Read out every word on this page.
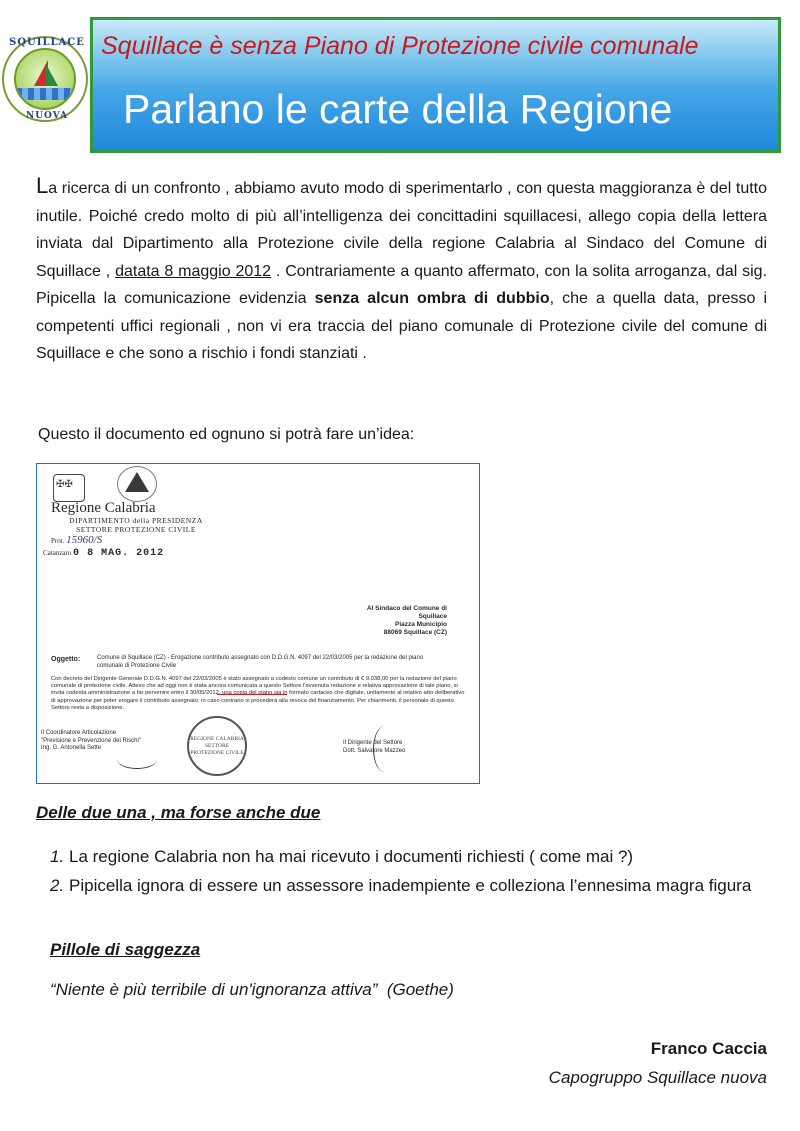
SQUILLACE
NUOVA
Squillace è senza Piano di Protezione civile comunale
Parlano le carte della Regione
La ricerca di un confronto , abbiamo avuto modo di sperimentarlo , con questa maggioranza è del tutto inutile. Poiché credo molto di più all’intelligenza dei concittadini squillacesi, allego copia della lettera inviata dal Dipartimento alla Protezione civile della regione Calabria al Sindaco del Comune di Squillace , datata 8 maggio 2012 . Contrariamente a quanto affermato, con la solita arroganza, dal sig. Pipicella la comunicazione evidenzia senza alcun ombra di dubbio, che a quella data, presso i competenti uffici regionali , non vi era traccia del piano comunale di Protezione civile del comune di Squillace e che sono a rischio i fondi stanziati .
Questo il documento ed ognuno si potrà fare un’idea:
✠✠
Regione Calabria
DIPARTIMENTO della PRESIDENZA
SETTORE PROTEZIONE CIVILE
Prot. 15960/S
Catanzaro 0 8 MAG. 2012
Al Sindaco del Comune di
Squillace
Piazza Municipio
88069 Squillace (CZ)
Oggetto:	Comune di Squillace (CZ) - Erogazione contributo assegnato con D.D.G.N. 4097 del 22/03/2005 per la redazione del piano comunale di Protezione Civile
Con decreto del Dirigente Generale D.D.G.N. 4097 del 22/03/2005 è stato assegnato a codesto comune un contributo di € 9.038,00 per la redazione del piano comunale di protezione civile. Atteso che ad oggi non è stata ancora comunicata a questo Settore l'avvenuta redazione e relativa approvazione di tale piano, si invita codesta amministrazione a far pervenire entro il 30/05/2012, una copia del piano sia in formato cartaceo che digitale, unitamente al relativo atto deliberativo di approvazione per poter erogare il contributo assegnato; in caso contrario si procederà alla revoca del finanziamento. Per chiarimenti, il personale di questo Settore resta a disposizione.
Il Coordinatore Articolazione
"Previsione e Prevenzione dei Rischi"
Ing. G. Antonella Sette
REGIONE CALABRIA SETTORE PROTEZIONE CIVILE
Il Dirigente del Settore
Dott. Salvatore Mazzeo
Delle due una , ma forse anche due
1. La regione Calabria non ha mai ricevuto i documenti richiesti ( come mai ?)
2. Pipicella ignora di essere un assessore inadempiente e colleziona l’ennesima magra figura
Pillole di saggezza
“Niente è più terribile di un'ignoranza attiva”  (Goethe)
Franco Caccia
Capogruppo Squillace nuova
